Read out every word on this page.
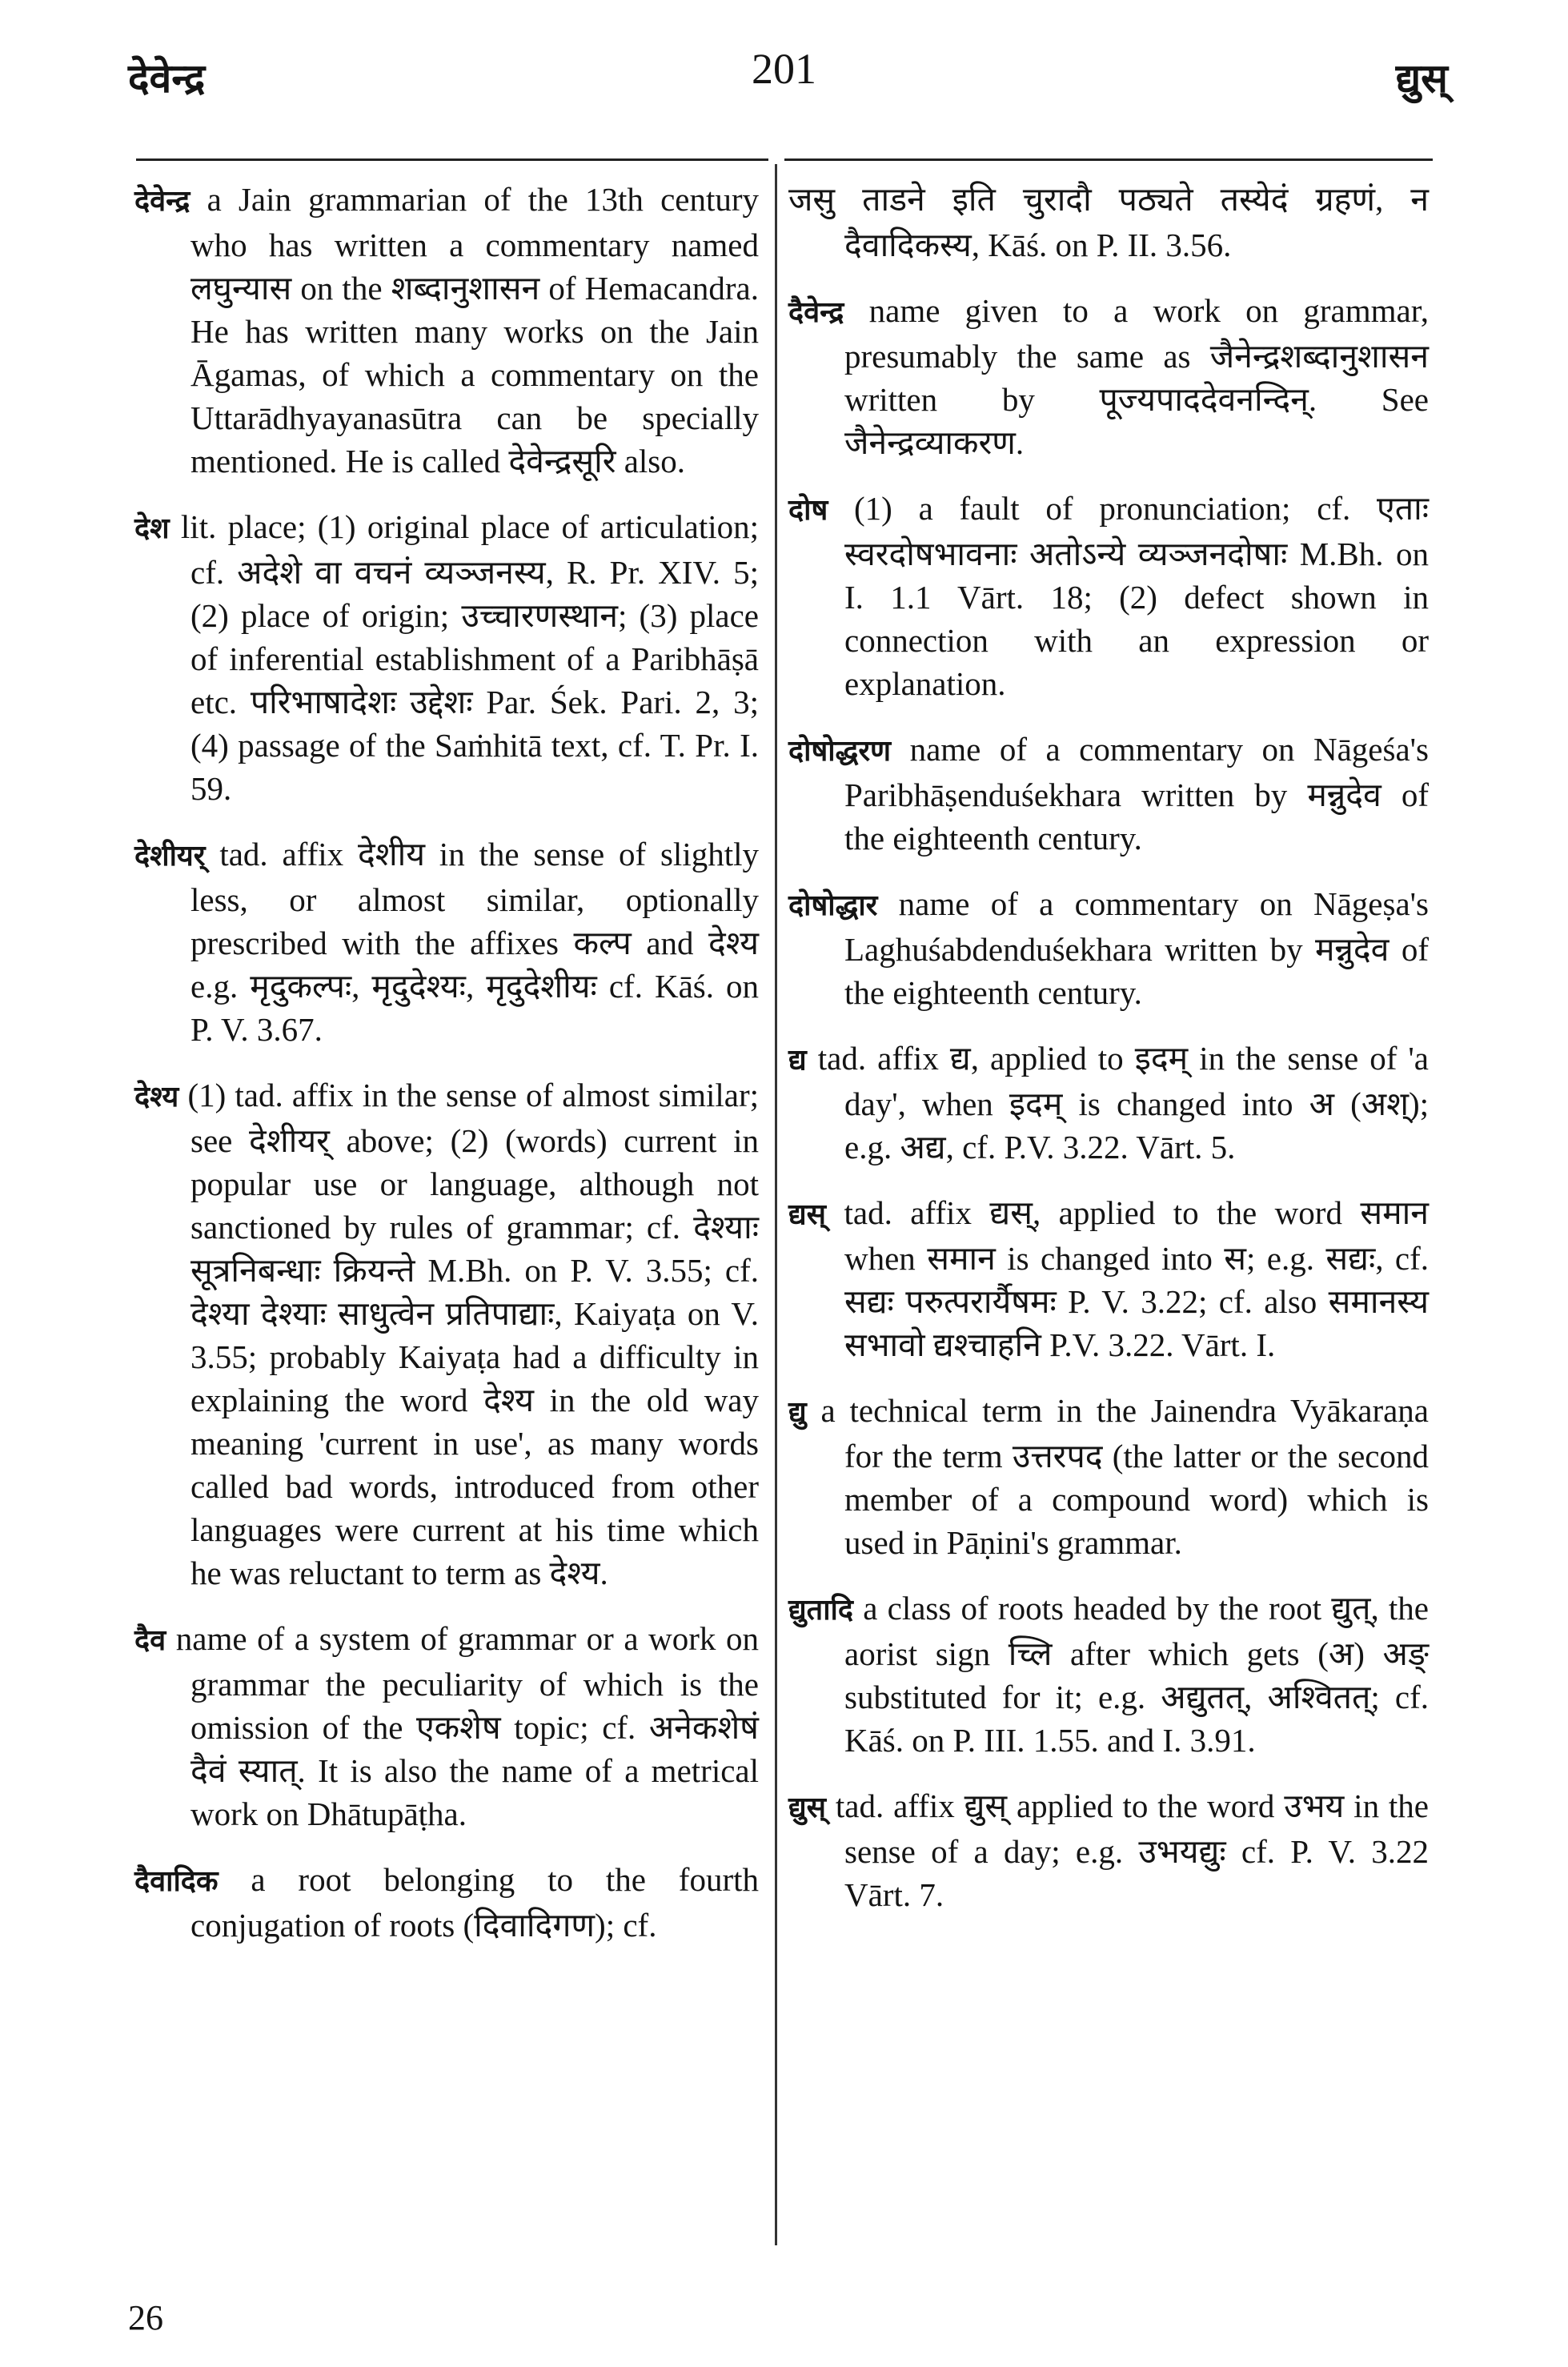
देवेन्द्र	201	द्युस्

देवेन्द्र a Jain grammarian of the 13th century who has written a commentary named लघुन्यास on the शब्दानुशासन of Hemacandra. He has written many works on the Jain Āgamas, of which a commentary on the Uttarādhyayanasūtra can be specially mentioned. He is called देवेन्द्रसूरि also.

देश lit. place; (1) original place of articulation; cf. अदेशे वा वचनं व्यञ्जनस्य, R. Pr. XIV. 5; (2) place of origin; उच्चारणस्थान; (3) place of inferential establishment of a Paribhāṣā etc. परिभाषादेशः उद्देशः Par. Śek. Pari. 2, 3; (4) passage of the Saṁhitā text, cf. T. Pr. I. 59.

देशीयर् tad. affix देशीय in the sense of slightly less, or almost similar, optionally prescribed with the affixes कल्प and देश्य e.g. मृदुकल्पः, मृदुदेश्यः, मृदुदेशीयः cf. Kāś. on P. V. 3.67.

देश्य (1) tad. affix in the sense of almost similar; see देशीयर् above; (2) (words) current in popular use or language, although not sanctioned by rules of grammar; cf. देश्याः सूत्रनिबन्धाः क्रियन्ते M.Bh. on P. V. 3.55; cf. देश्या देश्याः साधुत्वेन प्रतिपाद्याः, Kaiyaṭa on V. 3.55; probably Kaiyaṭa had a difficulty in explaining the word देश्य in the old way meaning 'current in use', as many words called bad words, introduced from other languages were current at his time which he was reluctant to term as देश्य.

दैव name of a system of grammar or a work on grammar the peculiarity of which is the omission of the एकशेष topic; cf. अनेकशेषं दैवं स्यात्. It is also the name of a metrical work on Dhātupāṭha.

दैवादिक a root belonging to the fourth conjugation of roots (दिवादिगण); cf.

जसु ताडने इति चुरादौ पठ्यते तस्येदं ग्रहणं, न दैवादिकस्य, Kāś. on P. II. 3.56.

दैवेन्द्र name given to a work on grammar, presumably the same as जैनेन्द्रशब्दानुशासन written by पूज्यपाददेवनन्दिन्. See जैनेन्द्रव्याकरण.

दोष (1) a fault of pronunciation; cf. एताः स्वरदोषभावनाः अतोऽन्ये व्यञ्जनदोषाः M.Bh. on I. 1.1 Vārt. 18; (2) defect shown in connection with an expression or explanation.

दोषोद्धरण name of a commentary on Nāgeśa's Paribhāṣenduśekhara written by मन्नुदेव of the eighteenth century.

दोषोद्धार name of a commentary on Nāgeṣa's Laghuśabdenduśekhara written by मन्नुदेव of the eighteenth century.

द्य tad. affix द्य, applied to इदम् in the sense of 'a day', when इदम् is changed into अ (अश्); e.g. अद्य, cf. P.V. 3.22. Vārt. 5.

द्यस् tad. affix द्यस्, applied to the word समान when समान is changed into स; e.g. सद्यः, cf. सद्यः परुत्परार्यैषमः P. V. 3.22; cf. also समानस्य सभावो द्यश्चाहनि P.V. 3.22. Vārt. I.

द्यु a technical term in the Jainendra Vyākaraṇa for the term उत्तरपद (the latter or the second member of a compound word) which is used in Pāṇini's grammar.

द्युतादि a class of roots headed by the root द्युत्, the aorist sign च्लि after which gets (अ) अङ् substituted for it; e.g. अद्युतत्, अश्वितत्; cf. Kāś. on P. III. 1.55. and I. 3.91.

द्युस् tad. affix द्युस् applied to the word उभय in the sense of a day; e.g. उभयद्युः cf. P. V. 3.22 Vārt. 7.

26
